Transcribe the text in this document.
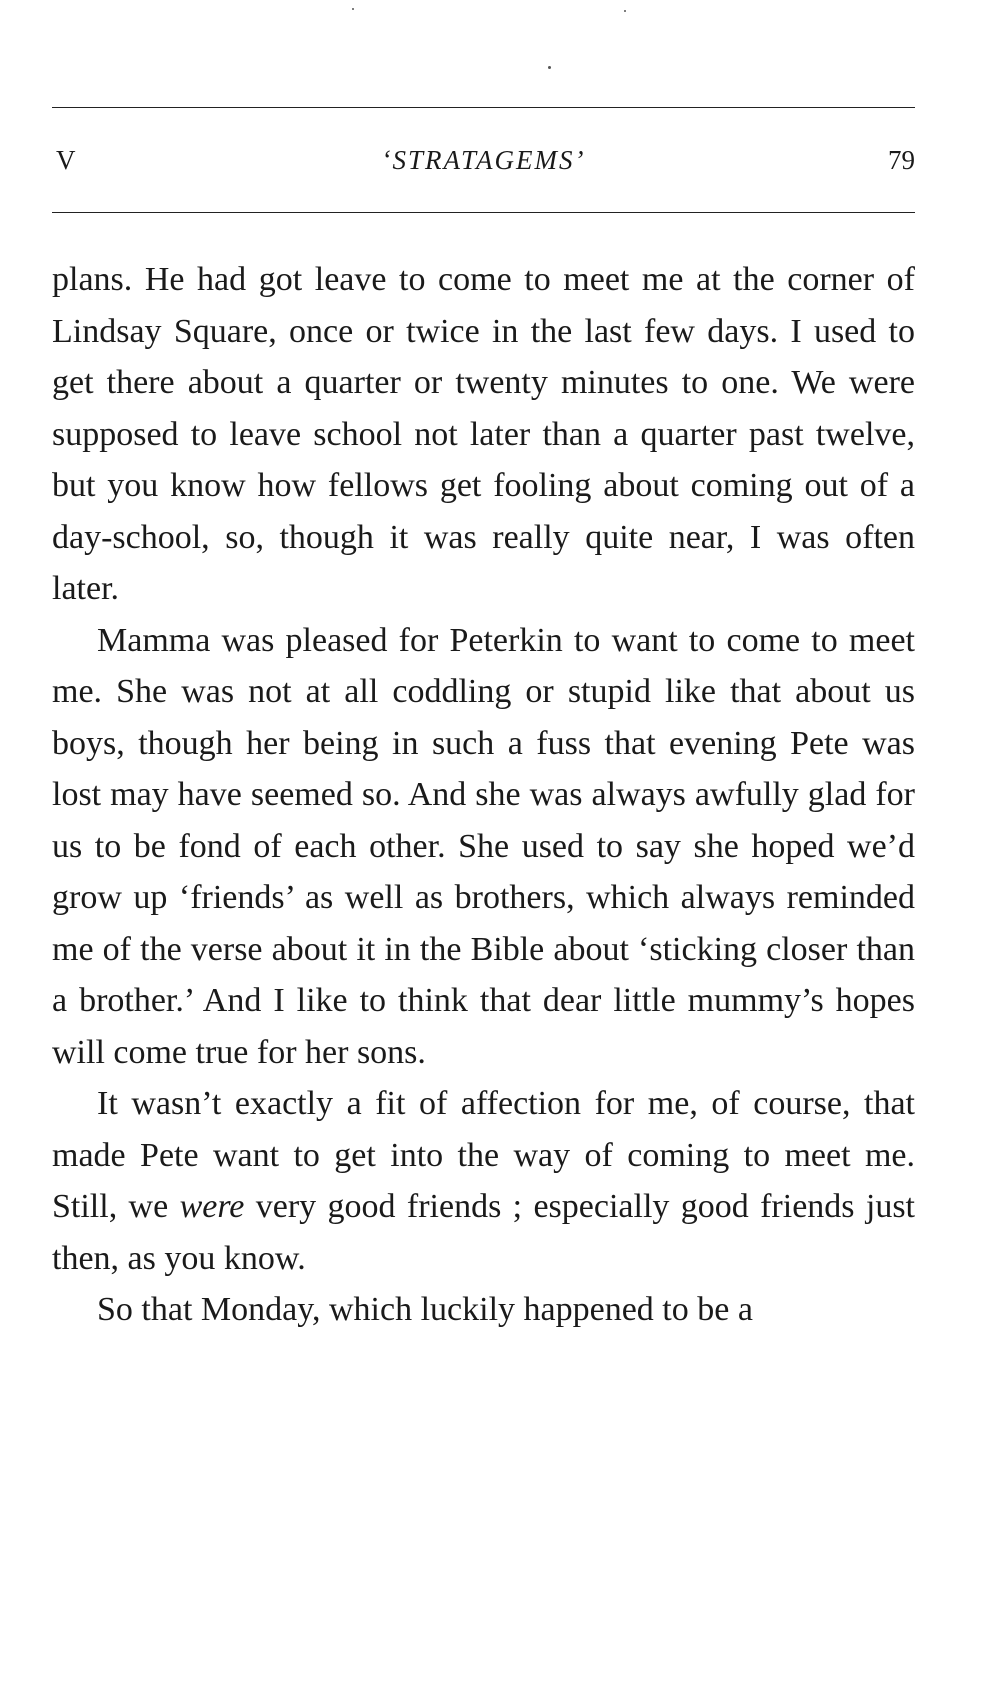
V	‘STRATAGEMS’	79

plans. He had got leave to come to meet me at the corner of Lindsay Square, once or twice in the last few days. I used to get there about a quarter or twenty minutes to one. We were supposed to leave school not later than a quarter past twelve, but you know how fellows get fooling about coming out of a day-school, so, though it was really quite near, I was often later.

Mamma was pleased for Peterkin to want to come to meet me. She was not at all coddling or stupid like that about us boys, though her being in such a fuss that evening Pete was lost may have seemed so. And she was always awfully glad for us to be fond of each other. She used to say she hoped we’d grow up ‘friends’ as well as brothers, which always reminded me of the verse about it in the Bible about ‘sticking closer than a brother.’ And I like to think that dear little mummy’s hopes will come true for her sons.

It wasn’t exactly a fit of affection for me, of course, that made Pete want to get into the way of coming to meet me. Still, we were very good friends ; especially good friends just then, as you know.

So that Monday, which luckily happened to be a
